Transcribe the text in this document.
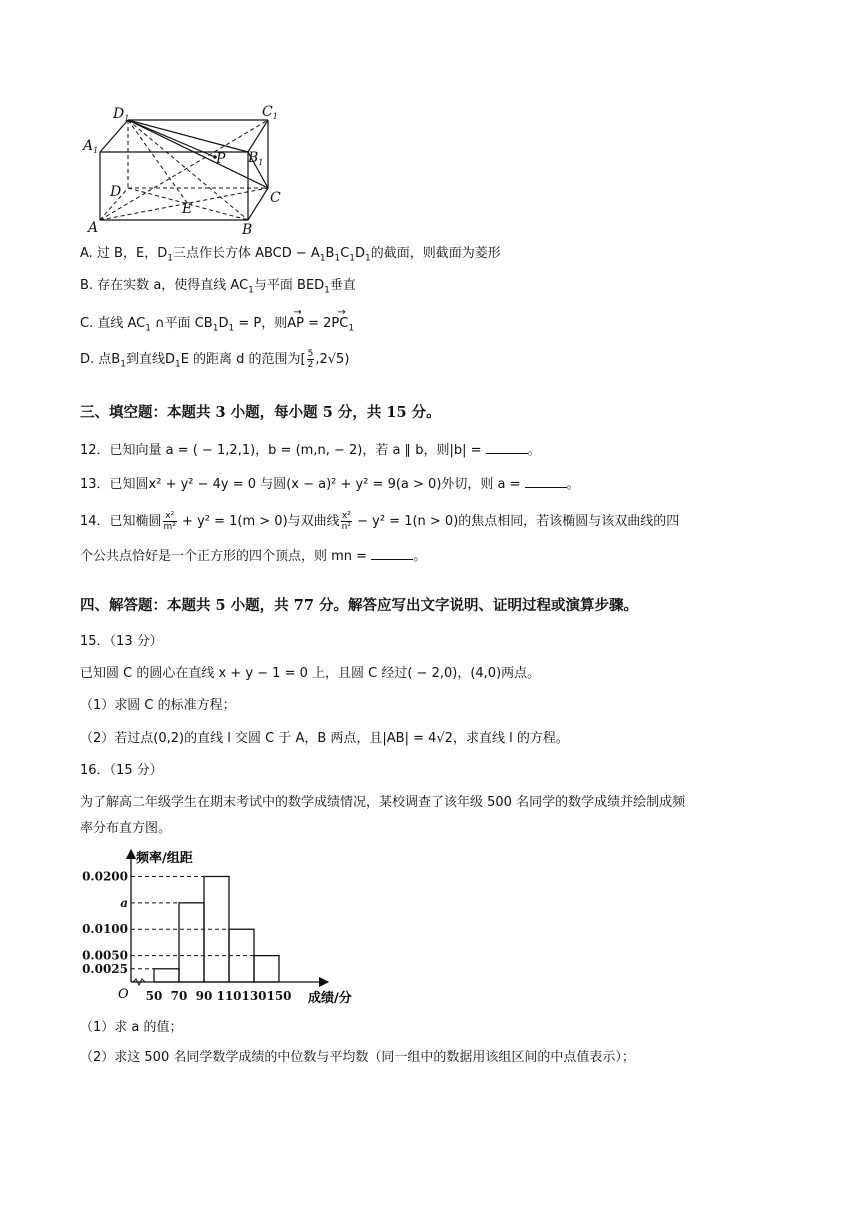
$D_1$	$C_1$
$A_1$	$B_1$
D	C
A	B
E
P
A. 过 B，E，$D_1$三点作长方体 ABCD − $A_1B_1C_1D_1$的截面，则截面为菱形
B. 存在实数 a，使得直线 $AC_1$与平面 $BED_1$垂直
C. 直线 $AC_1$ ∩平面 $CB_1D_1 = P$，则
→
AP = 2
→
$PC_1$
D. 点$B_1$到直线$D_1E$ 的距离 d 的范围为[ $\frac{5}{2} ,2√5$)
三、填空题：本题共 3 小题，每小题 5 分，共 15 分。
12．已知向量 a = ( − 1,2,1)，b = (m,n, − 2)，若 a ∥ b，则|b| =	。
13．已知圆x² + y² − 4y = 0 与圆(x − a)² + y² = 9(a > 0)外切，则 a =	。
14．已知椭圆 $\frac{\text{x²}}{\text{m²}} + y^2 = 1(m > 0)$与双曲线 $\frac{\text{x²}}{\text{n²}} - y^2 = 1(n > 0)$的焦点相同，若该椭圆与该双曲线的四
个公共点恰好是一个正方形的四个顶点，则 mn =	。
四、解答题：本题共 5 小题，共 77 分。解答应写出文字说明、证明过程或演算步骤。
15．（13 分）
已知圆 C 的圆心在直线 x + y − 1 = 0 上，且圆 C 经过( − 2,0)，(4,0)两点。
（1）求圆 C 的标准方程；
（2）若过点(0,2)的直线 l 交圆 C 于 A，B 两点，且|AB| = 4√2，求直线 l 的方程。
16．（15 分）
为了解高二年级学生在期末考试中的数学成绩情况，某校调查了该年级 500 名同学的数学成绩并绘制成频
率分布直方图。
0.0025
0.0050
0.0100
a
0.0200
50 70 90 110 130 150
频率/组距
成绩/分
O
（1）求 a 的值；
（2）求这 500 名同学数学成绩的中位数与平均数（同一组中的数据用该组区间的中点值表示）；
